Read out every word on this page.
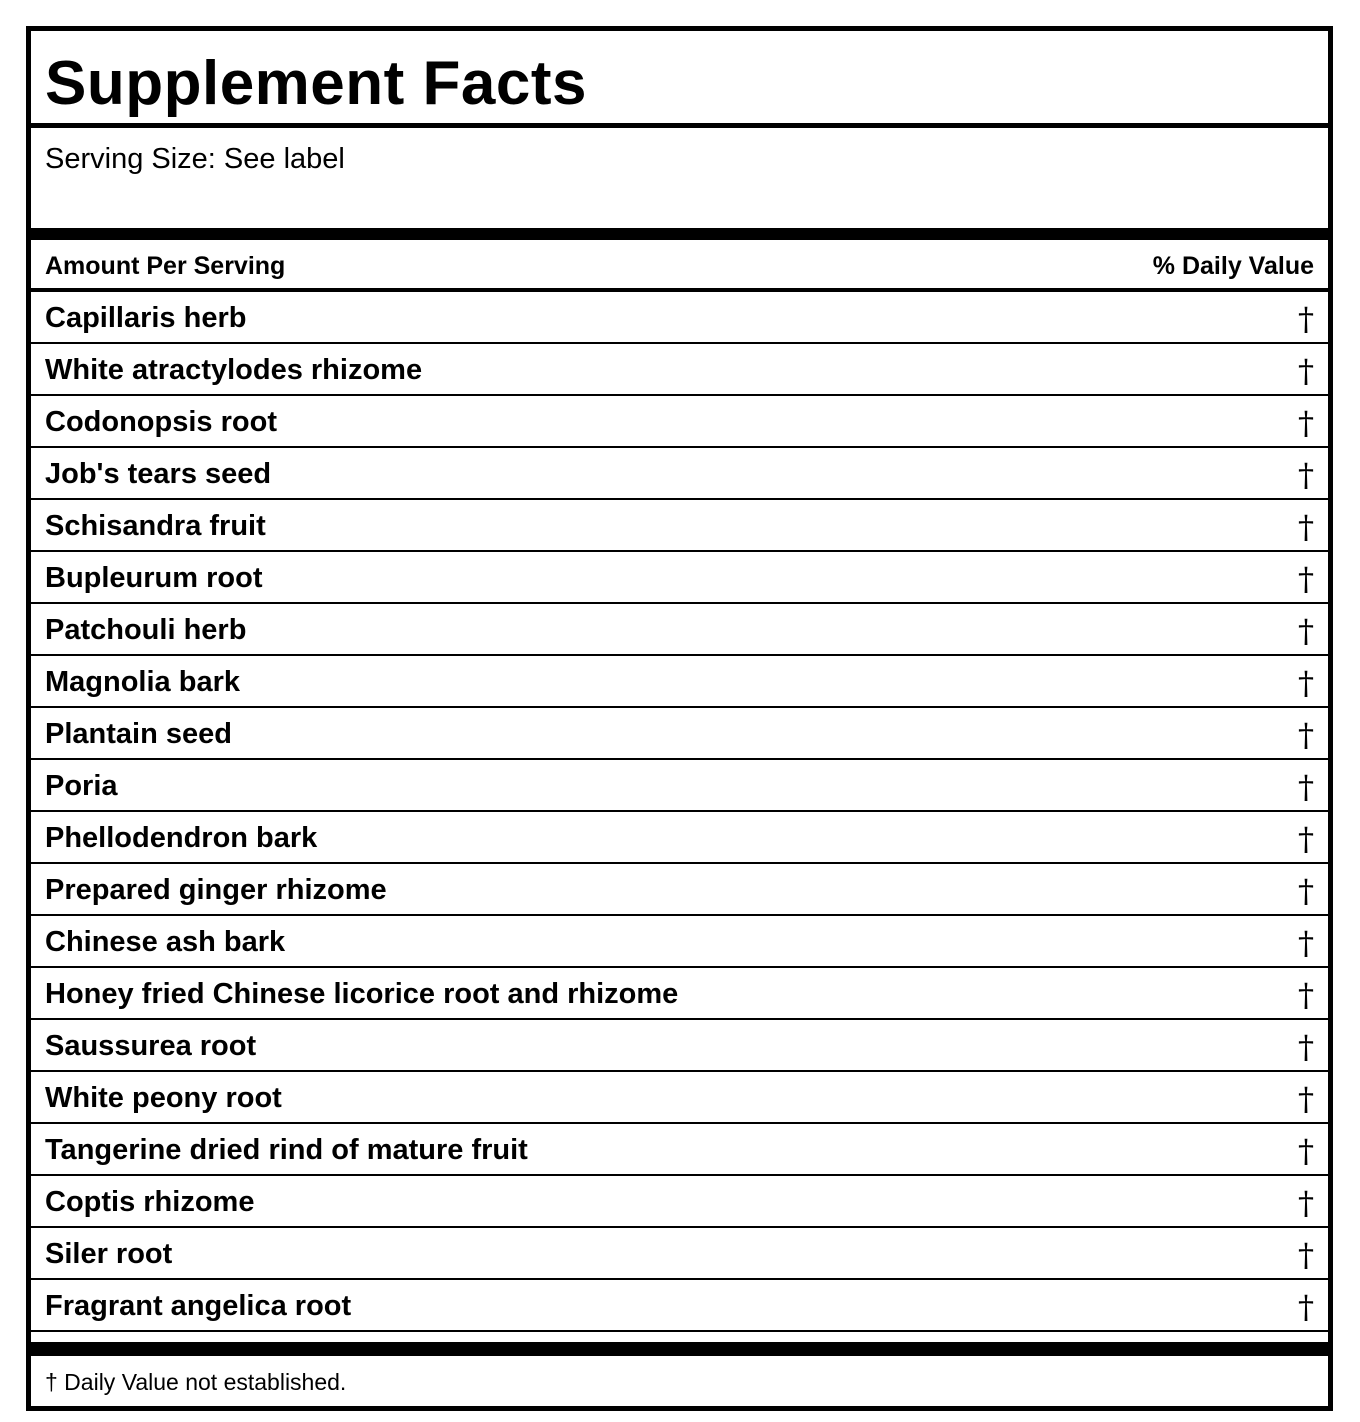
Supplement Facts
Serving Size: See label
Amount Per Serving	% Daily Value
Capillaris herb	†
White atractylodes rhizome	†
Codonopsis root	†
Job's tears seed	†
Schisandra fruit	†
Bupleurum root	†
Patchouli herb	†
Magnolia bark	†
Plantain seed	†
Poria	†
Phellodendron bark	†
Prepared ginger rhizome	†
Chinese ash bark	†
Honey fried Chinese licorice root and rhizome	†
Saussurea root	†
White peony root	†
Tangerine dried rind of mature fruit	†
Coptis rhizome	†
Siler root	†
Fragrant angelica root	†
† Daily Value not established.
